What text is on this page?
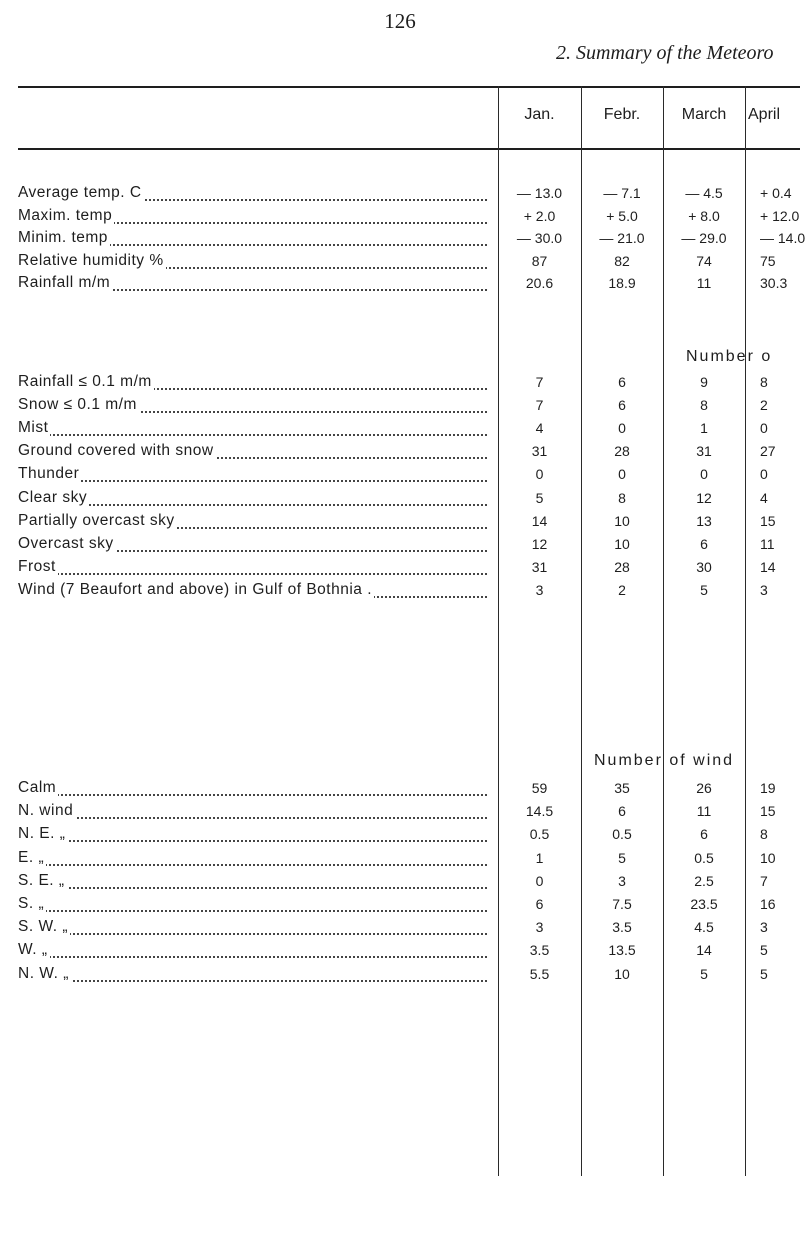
126
2. Summary of the Meteoro
Jan.	Febr.	March	April
Number o
Number of wind
Average temp. C	— 13.0	— 7.1	— 4.5	+ 0.4
Maxim. temp	+ 2.0	+ 5.0	+ 8.0	+ 12.0
Minim. temp	— 30.0	— 21.0	— 29.0	— 14.0
Relative humidity %	87	82	74	75
Rainfall m/m	20.6	18.9	11	30.3
Rainfall ≤ 0.1 m/m	7	6	9	8
Snow ≤ 0.1 m/m	7	6	8	2
Mist	4	0	1	0
Ground covered with snow	31	28	31	27
Thunder	0	0	0	0
Clear sky	5	8	12	4
Partially overcast sky	14	10	13	15
Overcast sky	12	10	6	11
Frost	31	28	30	14
Wind (7 Beaufort and above) in Gulf of Bothnia .	3	2	5	3
Calm	59	35	26	19
N. wind	14.5	6	11	15
N. E. „	0.5	0.5	6	8
E. „	1	5	0.5	10
S. E. „	0	3	2.5	7
S. „	6	7.5	23.5	16
S. W. „	3	3.5	4.5	3
W. „	3.5	13.5	14	5
N. W. „	5.5	10	5	5
